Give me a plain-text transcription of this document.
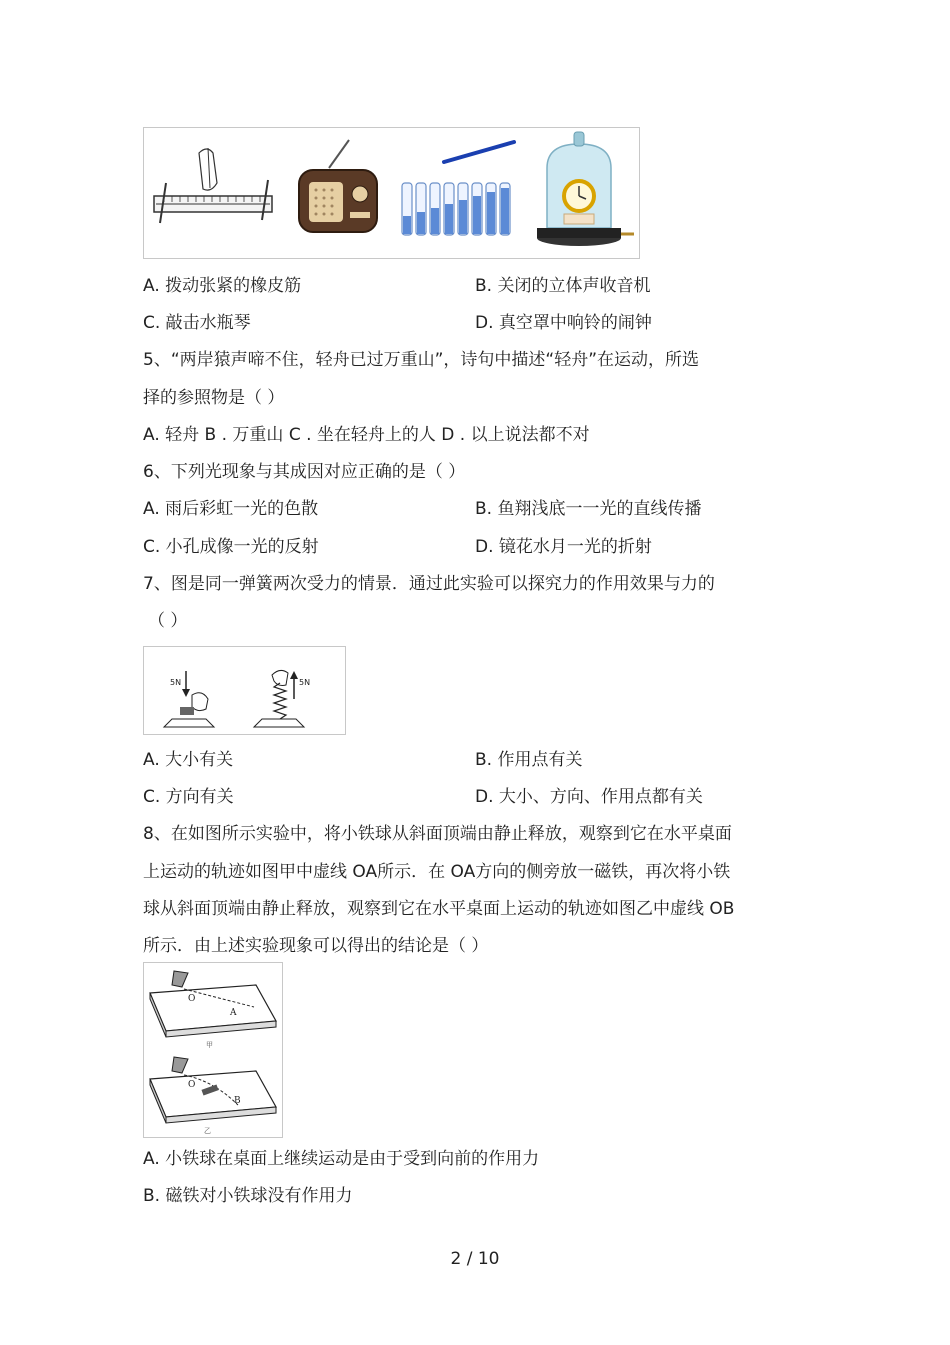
A. 拨动张紧的橡皮筋	B. 关闭的立体声收音机
C. 敲击水瓶琴	D. 真空罩中响铃的闹钟
5、“两岸猿声啼不住，轻舟已过万重山”，诗句中描述“轻舟”在运动，所选
择的参照物是（ ）
A. 轻舟 B . 万重山 C . 坐在轻舟上的人 D . 以上说法都不对
6、下列光现象与其成因对应正确的是（ ）
A. 雨后彩虹一光的色散	B. 鱼翔浅底一一光的直线传播
C. 小孔成像一光的反射	D. 镜花水月一光的折射
7、图是同一弹簧两次受力的情景．通过此实验可以探究力的作用效果与力的
（ ）
5N	5N
A. 大小有关	B. 作用点有关
C. 方向有关	D. 大小、方向、作用点都有关
8、在如图所示实验中，将小铁球从斜面顶端由静止释放，观察到它在水平桌面
上运动的轨迹如图甲中虚线 OA所示．在 OA方向的侧旁放一磁铁，再次将小铁
球从斜面顶端由静止释放，观察到它在水平桌面上运动的轨迹如图乙中虚线 OB
所示．由上述实验现象可以得出的结论是（ ）
O
A
甲
O
B
乙
A. 小铁球在桌面上继续运动是由于受到向前的作用力
B. 磁铁对小铁球没有作用力
2 / 10
